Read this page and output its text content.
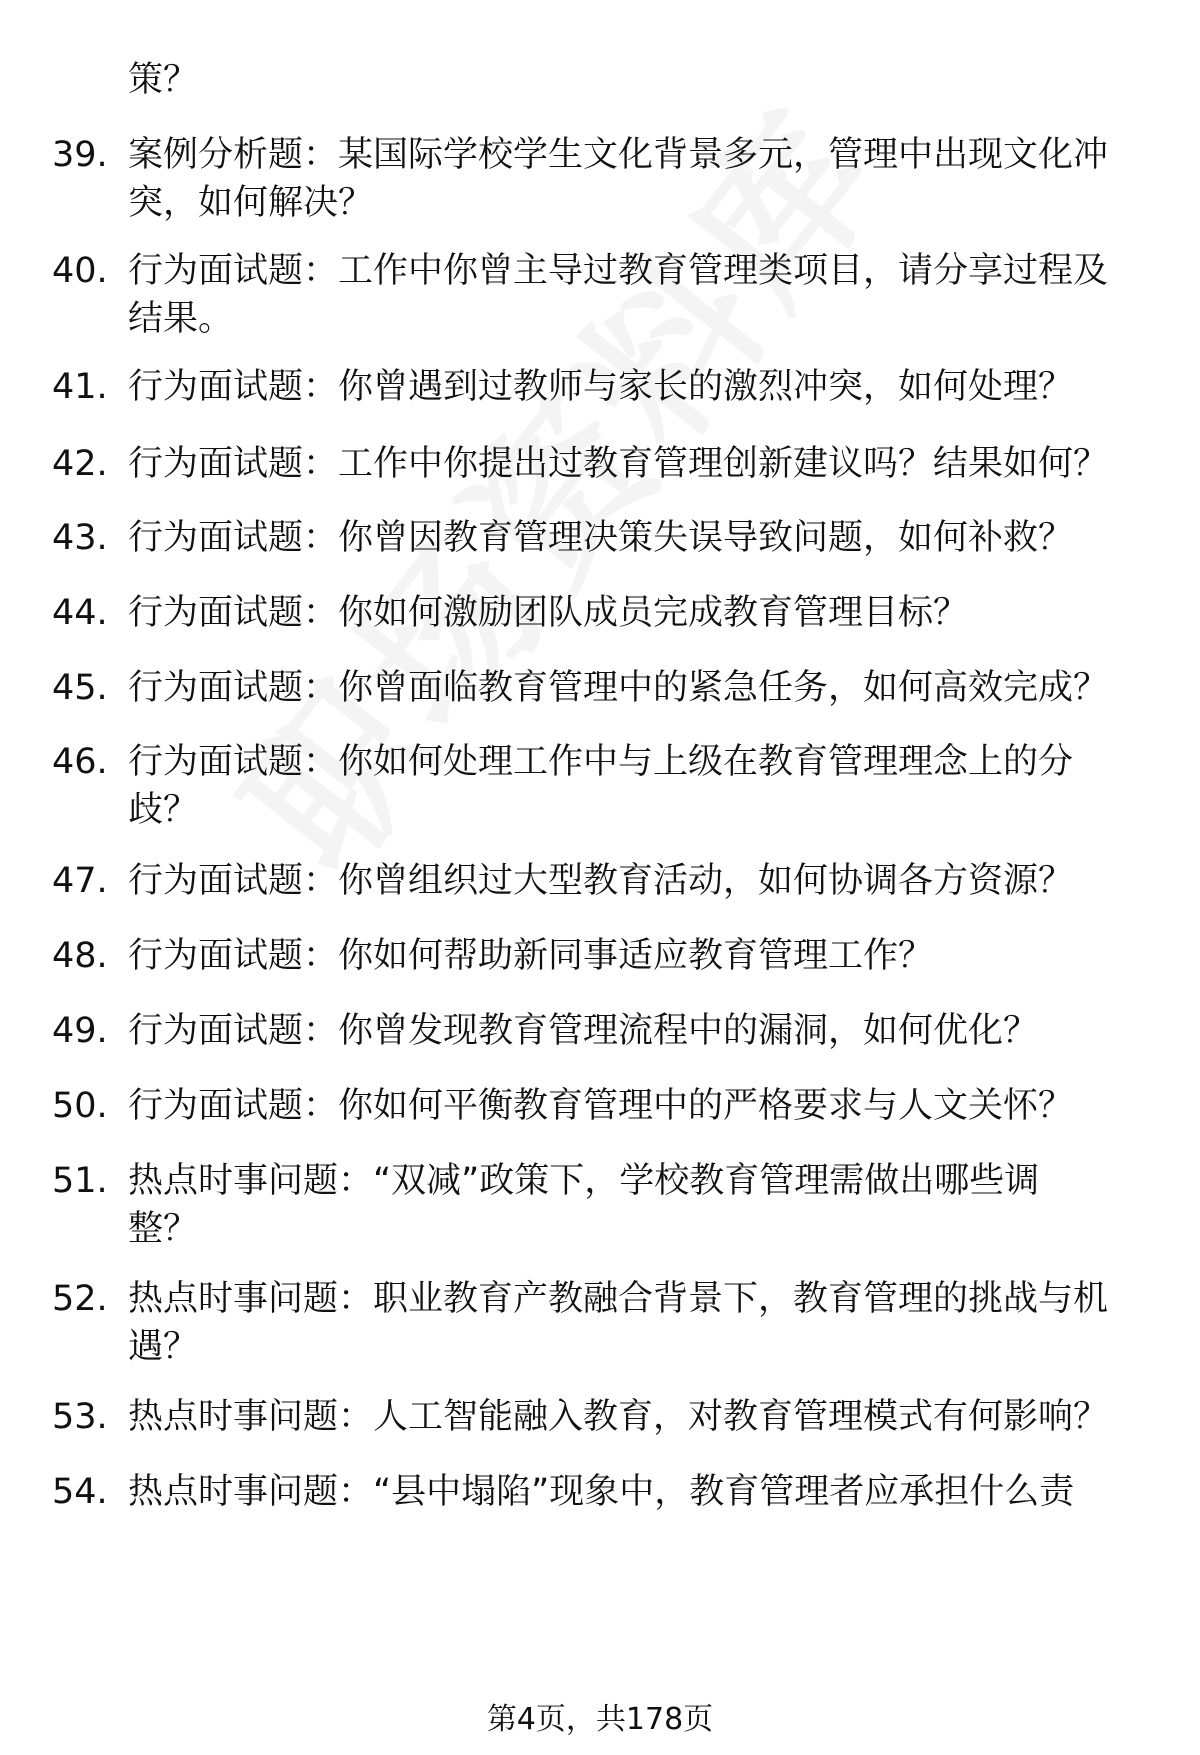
策？
39. 案例分析题：某国际学校学生文化背景多元，管理中出现文化冲
突，如何解决？
40. 行为面试题：工作中你曾主导过教育管理类项目，请分享过程及
结果。
41. 行为面试题：你曾遇到过教师与家长的激烈冲突，如何处理？
42. 行为面试题：工作中你提出过教育管理创新建议吗？结果如何？
43. 行为面试题：你曾因教育管理决策失误导致问题，如何补救？
44. 行为面试题：你如何激励团队成员完成教育管理目标？
45. 行为面试题：你曾面临教育管理中的紧急任务，如何高效完成？
46. 行为面试题：你如何处理工作中与上级在教育管理理念上的分
歧？
47. 行为面试题：你曾组织过大型教育活动，如何协调各方资源？
48. 行为面试题：你如何帮助新同事适应教育管理工作？
49. 行为面试题：你曾发现教育管理流程中的漏洞，如何优化？
50. 行为面试题：你如何平衡教育管理中的严格要求与人文关怀？
51. 热点时事问题：“双减”政策下，学校教育管理需做出哪些调
整？
52. 热点时事问题：职业教育产教融合背景下，教育管理的挑战与机
遇？
53. 热点时事问题：人工智能融入教育，对教育管理模式有何影响？
54. 热点时事问题：“县中塌陷”现象中，教育管理者应承担什么责
第4页，共178页
